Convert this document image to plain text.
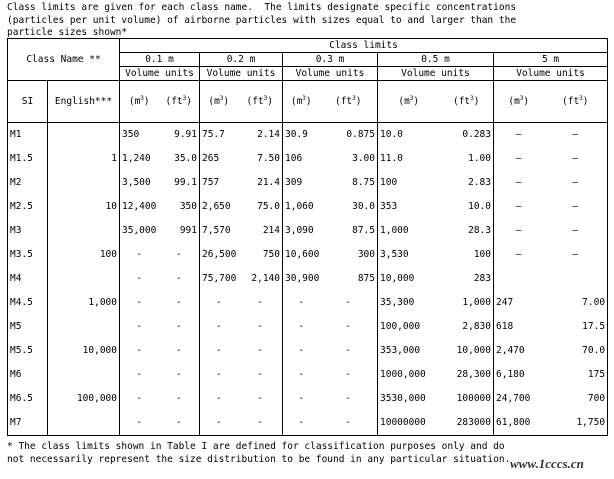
Class limits are given for each class name.  The limits designate specific concentrations
(particles per unit volume) of airborne particles with sizes equal to and larger than the
particle sizes shown*
		Class limits									
Class Name **		0.1 m		0.2 m		0.3 m		0.5 m		5 m	
		Volume units		Volume units		Volume units		Volume units		Volume units	
SI	English***	$(m^3)$	$(ft^3)$	$(m^3)$	$(ft^3)$	$(m^3)$	$(ft^3)$	$(m^3)$	$(ft^3)$	$(m^3)$	$(ft^3)$
M1		350	9.91	75.7	2.14	30.9	0.875	10.0	0.283	—	—
M1.5	1	1,240	35.0	265	7.50	106	3.00	11.0	1.00	—	—
M2		3,500	99.1	757	21.4	309	8.75	100	2.83	—	—
M2.5	10	12,400	350	2,650	75.0	1,060	30.0	353	10.0	—	—
M3		35,000	991	7,570	214	3,090	87.5	1,000	28.3	—	—
M3.5	100	-	-	26,500	750	10,600	300	3,530	100	—	—
M4		-	-	75,700	2,140	30,900	875	10,000	283		
M4.5	1,000	-	-	-	-	-	-	35,300	1,000	247	7.00
M5		-	-	-	-	-	-	100,000	2,830	618	17.5
M5.5	10,000	-	-	-	-	-	-	353,000	10,000	2,470	70.0
M6		-	-	-	-	-	-	1000,000	28,300	6,180	175
M6.5	100,000	-	-	-	-	-	-	3530,000	100000	24,700	700
M7		-	-	-	-	-	-	10000000	283000	61,800	1,750
* The class limits shown in Table I are defined for classification purposes only and do
not necessarily represent the size distribution to be found in any particular situation. www.1cccs.cn
